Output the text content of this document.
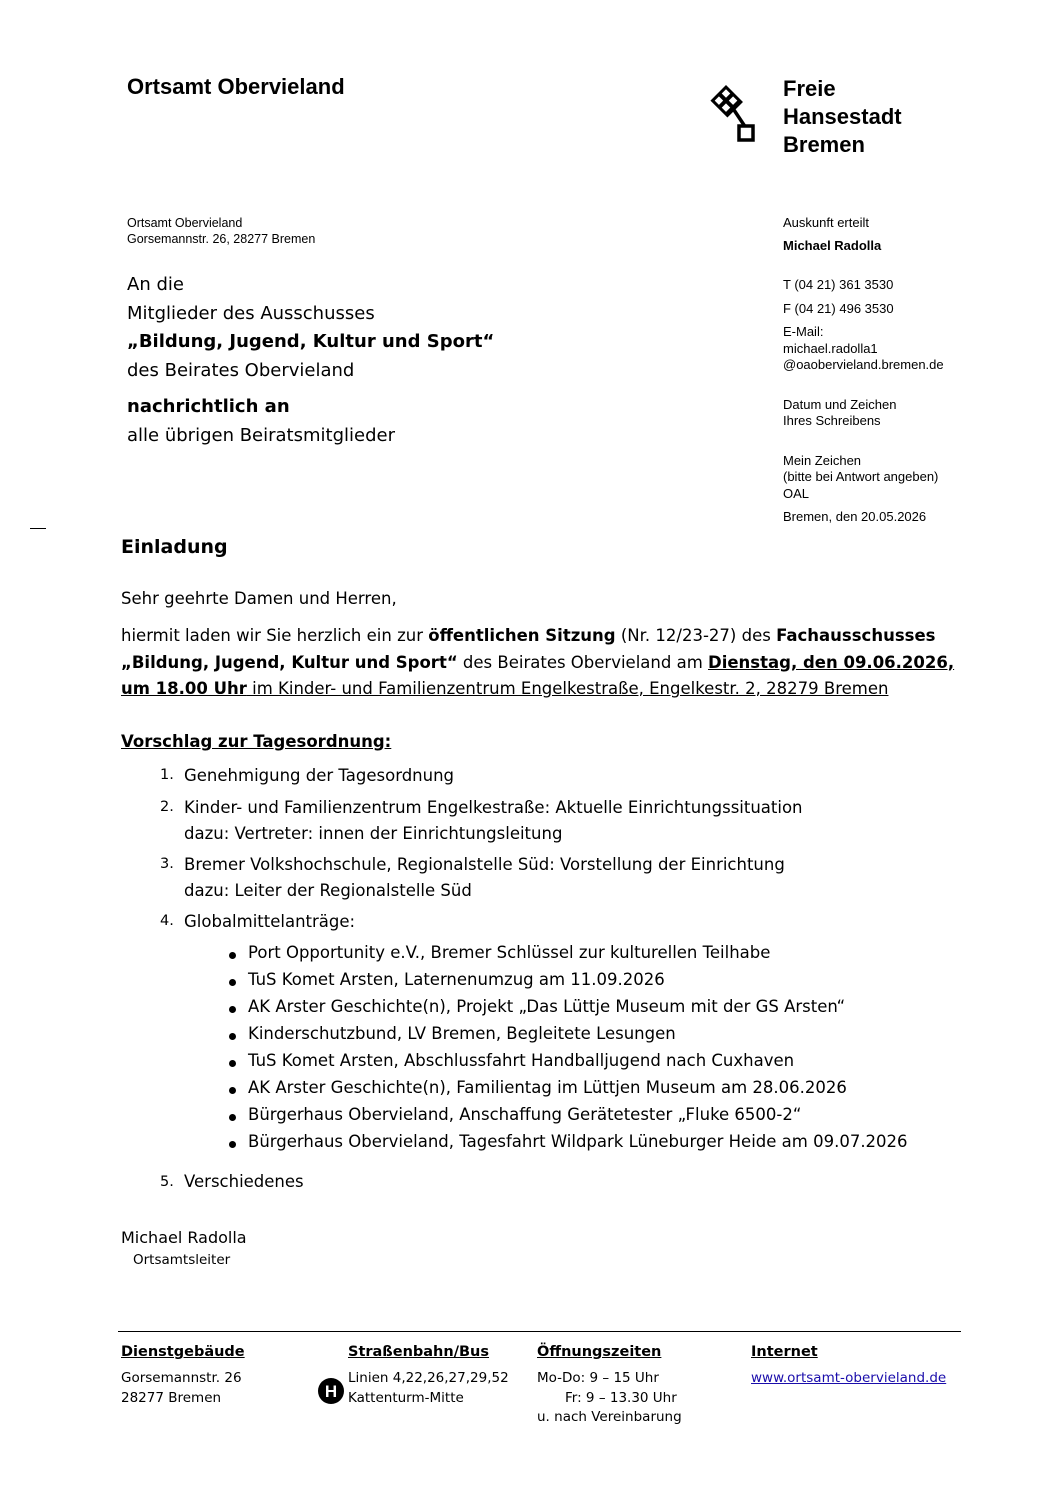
Ortsamt Obervieland	Freie
Hansestadt
Bremen
Ortsamt Obervieland
Gorsemannstr. 26, 28277 Bremen
An die
Mitglieder des Ausschusses
„Bildung, Jugend, Kultur und Sport“
des Beirates Obervieland
nachrichtlich an
alle übrigen Beiratsmitglieder
Auskunft erteilt
Michael Radolla
T (04 21) 361 3530
F (04 21) 496 3530
E-Mail:
michael.radolla1
@oaobervieland.bremen.de
Datum und Zeichen
Ihres Schreibens
Mein Zeichen
(bitte bei Antwort angeben)
OAL
Bremen, den 20.05.2026
Einladung
Sehr geehrte Damen und Herren,
hiermit laden wir Sie herzlich ein zur öffentlichen Sitzung (Nr. 12/23-27) des Fachausschusses
„Bildung, Jugend, Kultur und Sport“ des Beirates Obervieland am Dienstag, den 09.06.2026,
um 18.00 Uhr im Kinder- und Familienzentrum Engelkestraße, Engelkestr. 2, 28279 Bremen
Vorschlag zur Tagesordnung:
1. Genehmigung der Tagesordnung
2. Kinder- und Familienzentrum Engelkestraße: Aktuelle Einrichtungssituation
dazu: Vertreter: innen der Einrichtungsleitung
3. Bremer Volkshochschule, Regionalstelle Süd: Vorstellung der Einrichtung
dazu: Leiter der Regionalstelle Süd
4. Globalmittelanträge:
Port Opportunity e.V., Bremer Schlüssel zur kulturellen Teilhabe
TuS Komet Arsten, Laternenumzug am 11.09.2026
AK Arster Geschichte(n), Projekt „Das Lüttje Museum mit der GS Arsten“
Kinderschutzbund, LV Bremen, Begleitete Lesungen
TuS Komet Arsten, Abschlussfahrt Handballjugend nach Cuxhaven
AK Arster Geschichte(n), Familientag im Lüttjen Museum am 28.06.2026
Bürgerhaus Obervieland, Anschaffung Gerätetester „Fluke 6500-2“
Bürgerhaus Obervieland, Tagesfahrt Wildpark Lüneburger Heide am 09.07.2026
5. Verschiedenes
Michael Radolla
Ortsamtsleiter
Dienstgebäude
Gorsemannstr. 26
28277 Bremen
Straßenbahn/Bus
H
Linien 4,22,26,27,29,52
Kattenturm-Mitte
Öffnungszeiten
Mo-Do: 9 – 15 Uhr
Fr: 9 – 13.30 Uhr
u. nach Vereinbarung
Internet
www.ortsamt-obervieland.de
